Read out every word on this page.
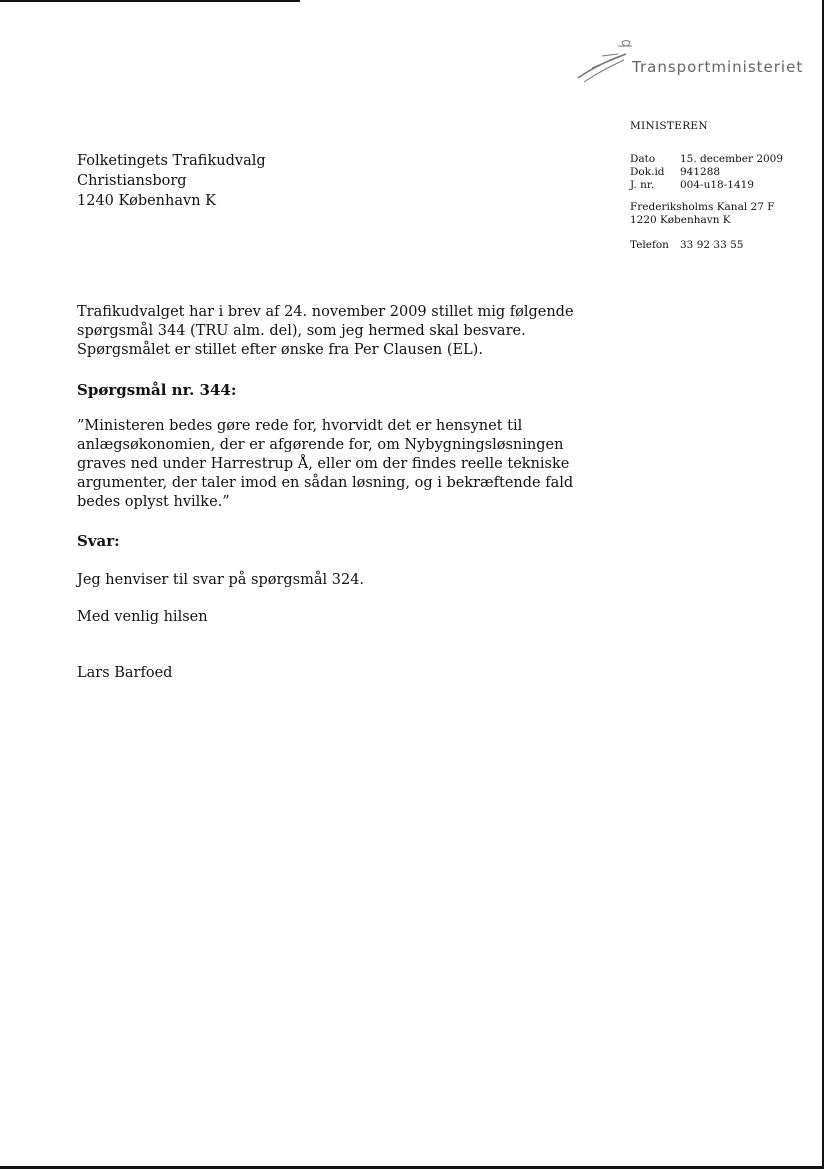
Transportministeriet
MINISTEREN
Dato	15. december 2009
Dok.id	941288
J. nr.	004-u18-1419
Frederiksholms Kanal 27 F
1220 København K
Telefon	33 92 33 55
Folketingets Trafikudvalg
Christiansborg
1240 København K

Trafikudvalget har i brev af 24. november 2009 stillet mig følgende spørgsmål 344 (TRU alm. del), som jeg hermed skal besvare. Spørgsmålet er stillet efter ønske fra Per Clausen (EL).

Spørgsmål nr. 344:

”Ministeren bedes gøre rede for, hvorvidt det er hensynet til anlægsøkonomien, der er afgørende for, om Nybygningsløsningen graves ned under Harrestrup Å, eller om der findes reelle tekniske argumenter, der taler imod en sådan løsning, og i bekræftende fald bedes oplyst hvilke.”

Svar:

Jeg henviser til svar på spørgsmål 324.

Med venlig hilsen

Lars Barfoed
